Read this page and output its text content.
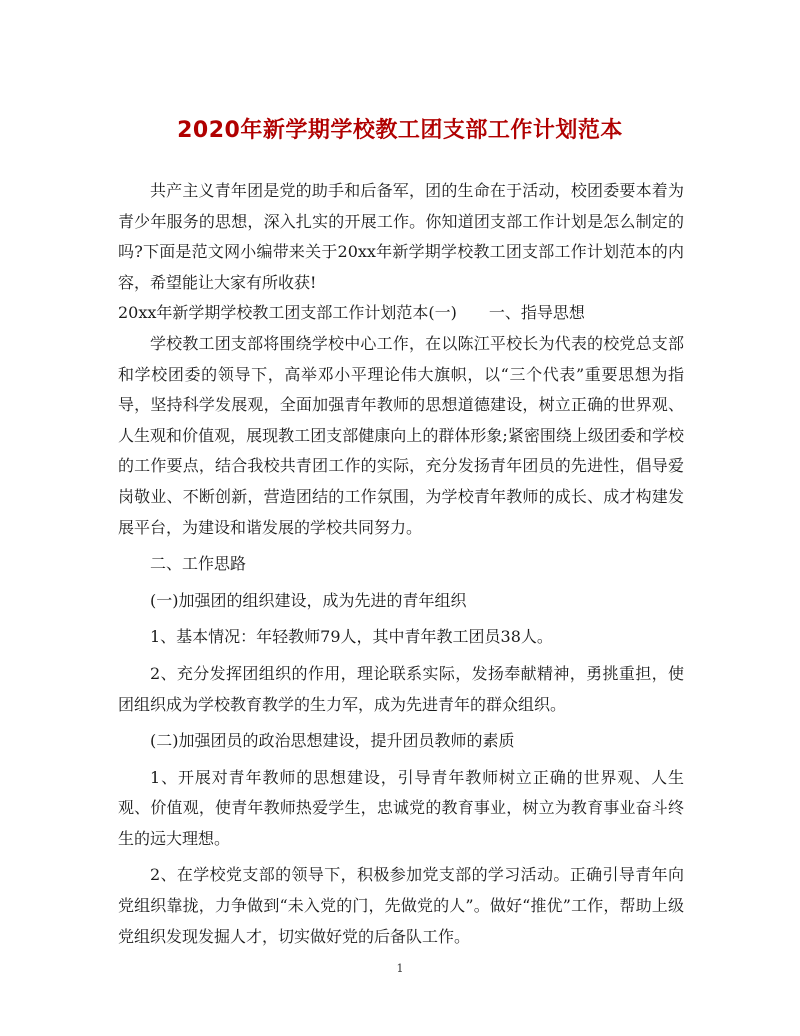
2020年新学期学校教工团支部工作计划范本

共产主义青年团是党的助手和后备军，团的生命在于活动，校团委要本着为青少年服务的思想，深入扎实的开展工作。你知道团支部工作计划是怎么制定的吗?下面是范文网小编带来关于20xx年新学期学校教工团支部工作计划范本的内容，希望能让大家有所收获!

20xx年新学期学校教工团支部工作计划范本(一)　　一、指导思想

学校教工团支部将围绕学校中心工作，在以陈江平校长为代表的校党总支部和学校团委的领导下，高举邓小平理论伟大旗帜，以“三个代表”重要思想为指导，坚持科学发展观，全面加强青年教师的思想道德建设，树立正确的世界观、人生观和价值观，展现教工团支部健康向上的群体形象;紧密围绕上级团委和学校的工作要点，结合我校共青团工作的实际，充分发扬青年团员的先进性，倡导爱岗敬业、不断创新，营造团结的工作氛围，为学校青年教师的成长、成才构建发展平台，为建设和谐发展的学校共同努力。

二、工作思路

(一)加强团的组织建设，成为先进的青年组织

1、基本情况：年轻教师79人，其中青年教工团员38人。

2、充分发挥团组织的作用，理论联系实际，发扬奉献精神，勇挑重担，使团组织成为学校教育教学的生力军，成为先进青年的群众组织。

(二)加强团员的政治思想建设，提升团员教师的素质

1、开展对青年教师的思想建设，引导青年教师树立正确的世界观、人生观、价值观，使青年教师热爱学生，忠诚党的教育事业，树立为教育事业奋斗终生的远大理想。

2、在学校党支部的领导下，积极参加党支部的学习活动。正确引导青年向党组织靠拢，力争做到“未入党的门，先做党的人”。做好“推优”工作，帮助上级党组织发现发掘人才，切实做好党的后备队工作。

1
